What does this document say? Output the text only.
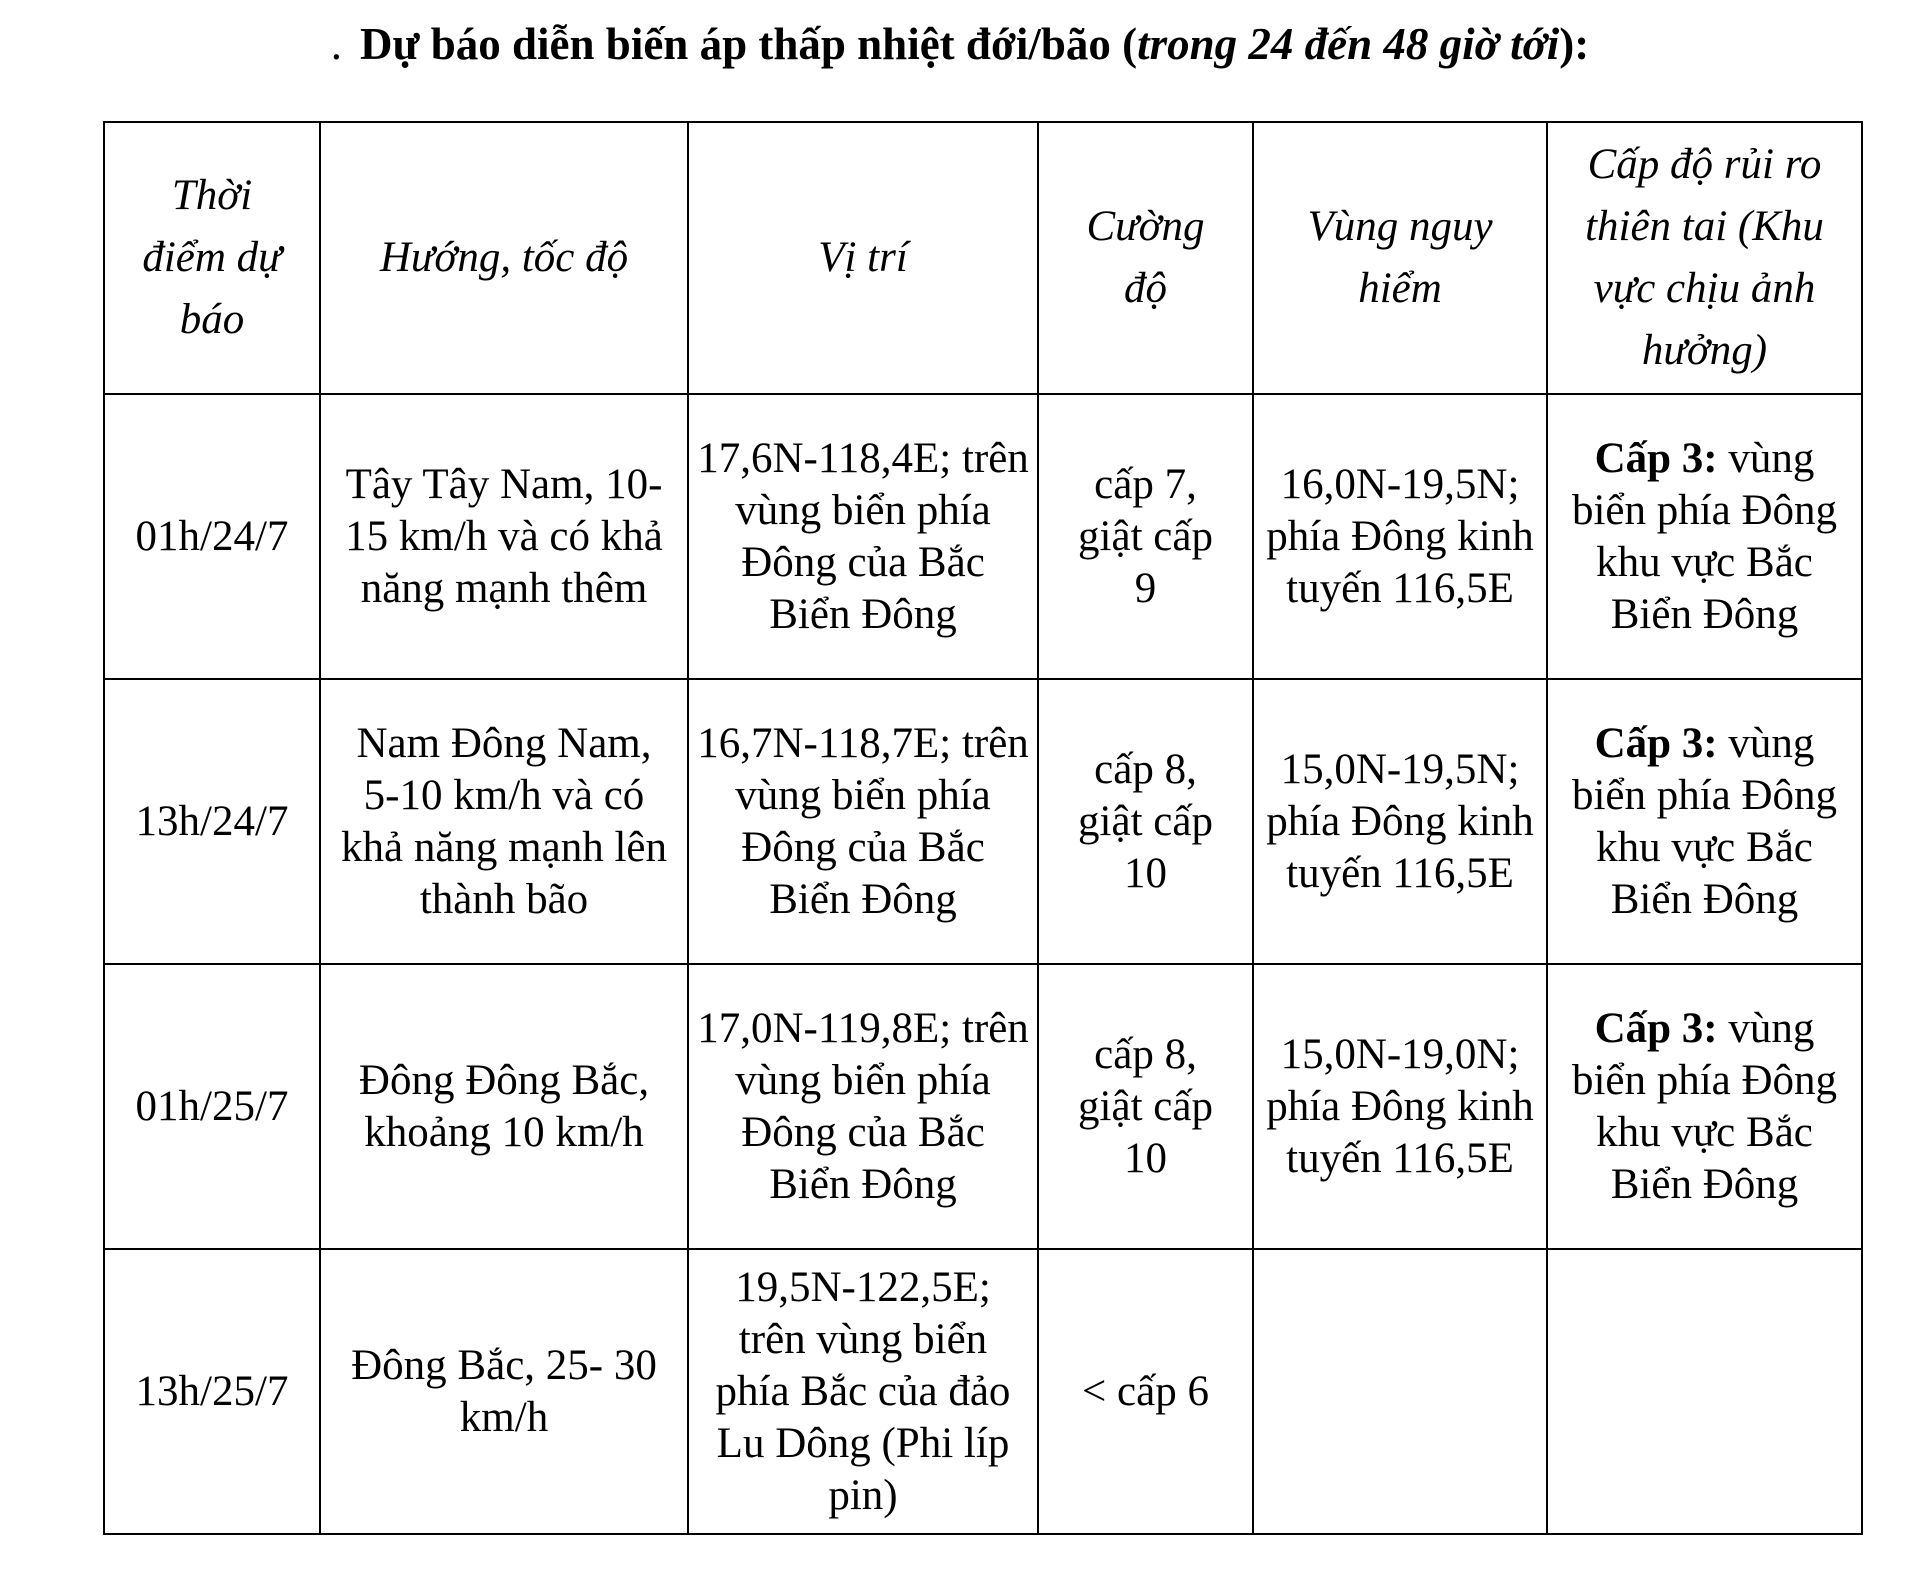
. Dự báo diễn biến áp thấp nhiệt đới/bão (trong 24 đến 48 giờ tới):
Thời điểm dự báo	Hướng, tốc độ	Vị trí	Cường độ	Vùng nguy hiểm	Cấp độ rủi ro thiên tai (Khu vực chịu ảnh hưởng)
01h/24/7	Tây Tây Nam, 10-15 km/h và có khả năng mạnh thêm	17,6N-118,4E; trên vùng biển phía Đông của Bắc Biển Đông	cấp 7, giật cấp 9	16,0N-19,5N; phía Đông kinh tuyến 116,5E	Cấp 3: vùng biển phía Đông khu vực Bắc Biển Đông
13h/24/7	Nam Đông Nam, 5-10 km/h và có khả năng mạnh lên thành bão	16,7N-118,7E; trên vùng biển phía Đông của Bắc Biển Đông	cấp 8, giật cấp 10	15,0N-19,5N; phía Đông kinh tuyến 116,5E	Cấp 3: vùng biển phía Đông khu vực Bắc Biển Đông
01h/25/7	Đông Đông Bắc, khoảng 10 km/h	17,0N-119,8E; trên vùng biển phía Đông của Bắc Biển Đông	cấp 8, giật cấp 10	15,0N-19,0N; phía Đông kinh tuyến 116,5E	Cấp 3: vùng biển phía Đông khu vực Bắc Biển Đông
13h/25/7	Đông Bắc, 25- 30 km/h	19,5N-122,5E; trên vùng biển phía Bắc của đảo Lu Dông (Phi líp pin)	< cấp 6		
